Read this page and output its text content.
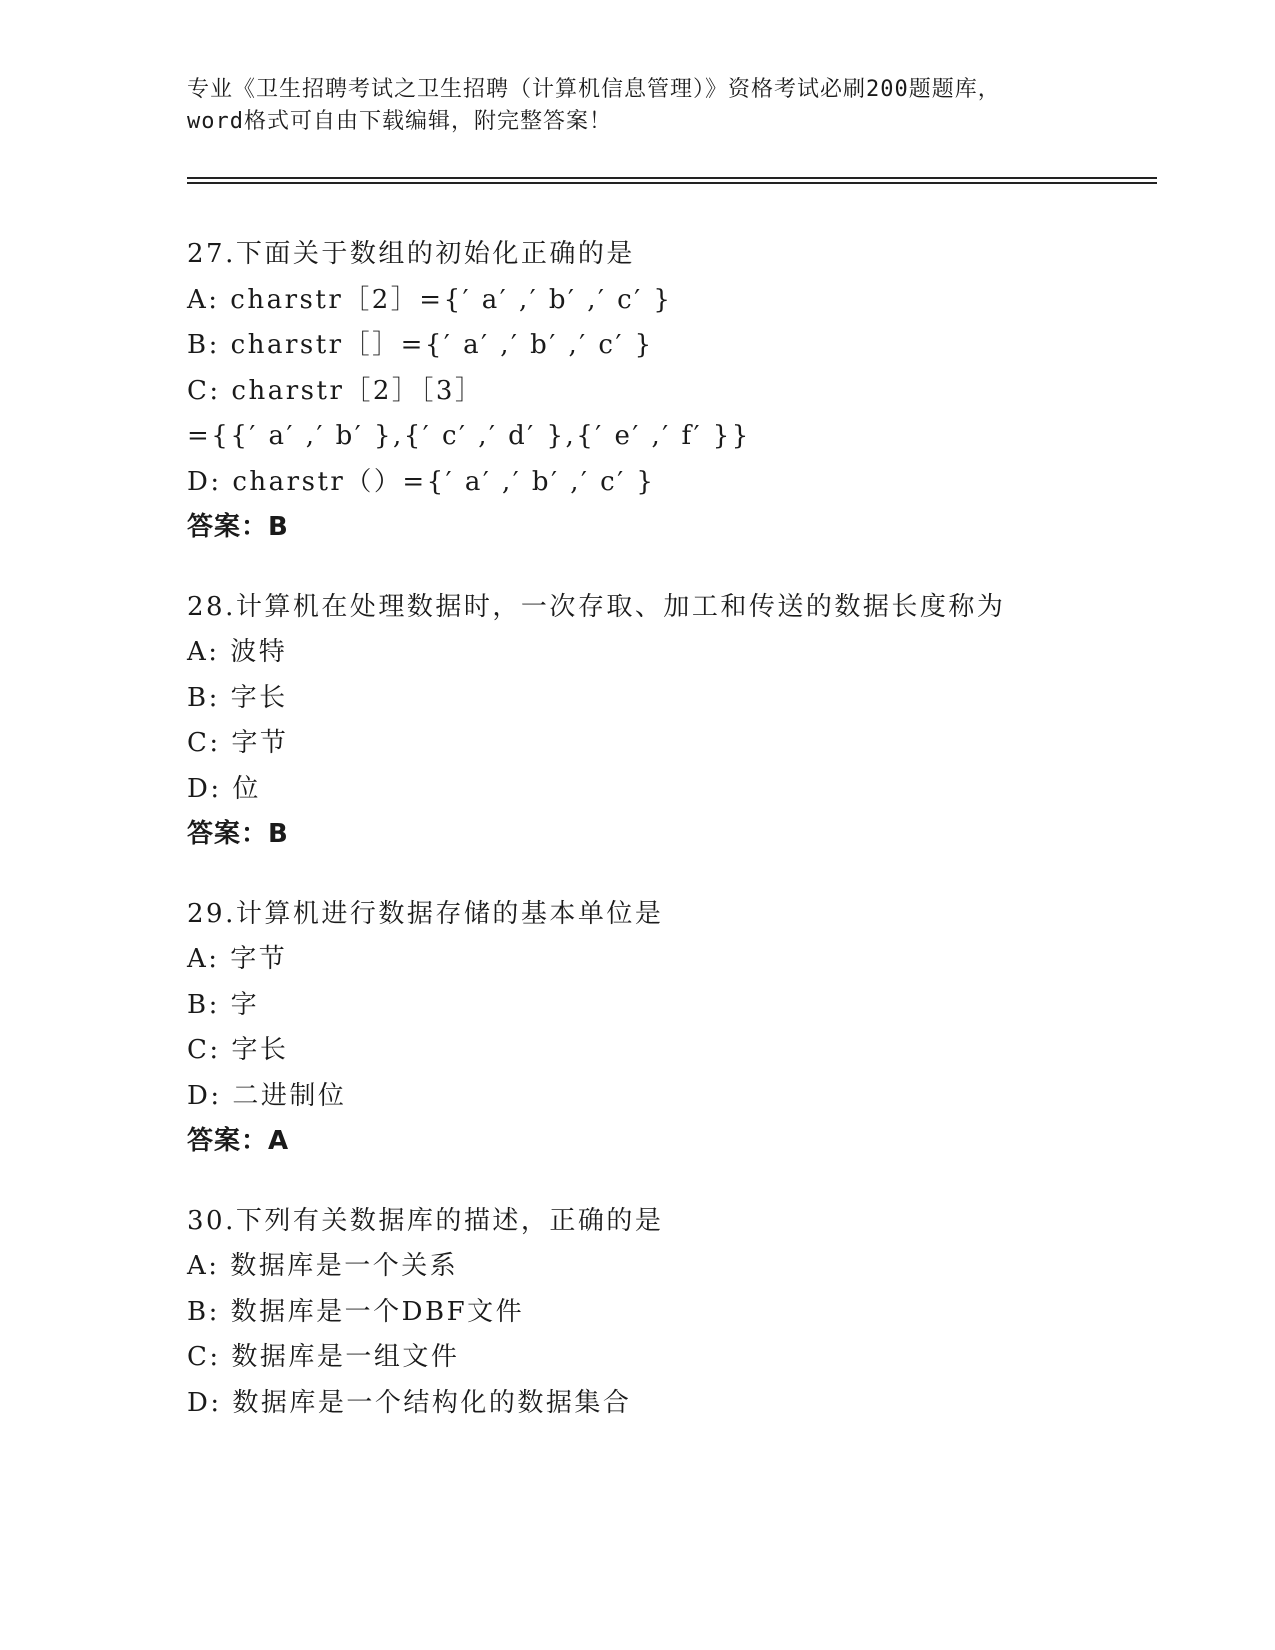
专业《卫生招聘考试之卫生招聘（计算机信息管理）》资格考试必刷200题题库，
word格式可自由下载编辑，附完整答案！
27.下面关于数组的初始化正确的是
A: charstr［2］={′ a′ ,′ b′ ,′ c′ }
B: charstr［］={′ a′ ,′ b′ ,′ c′ }
C: charstr［2］［3］
={{′ a′ ,′ b′ },{′ c′ ,′ d′ },{′ e′ ,′ f′ }}
D: charstr（）={′ a′ ,′ b′ ,′ c′ }
答案：B
28.计算机在处理数据时，一次存取、加工和传送的数据长度称为
A: 波特
B: 字长
C: 字节
D: 位
答案：B
29.计算机进行数据存储的基本单位是
A: 字节
B: 字
C: 字长
D: 二进制位
答案：A
30.下列有关数据库的描述，正确的是
A: 数据库是一个关系
B: 数据库是一个DBF文件
C: 数据库是一组文件
D: 数据库是一个结构化的数据集合
